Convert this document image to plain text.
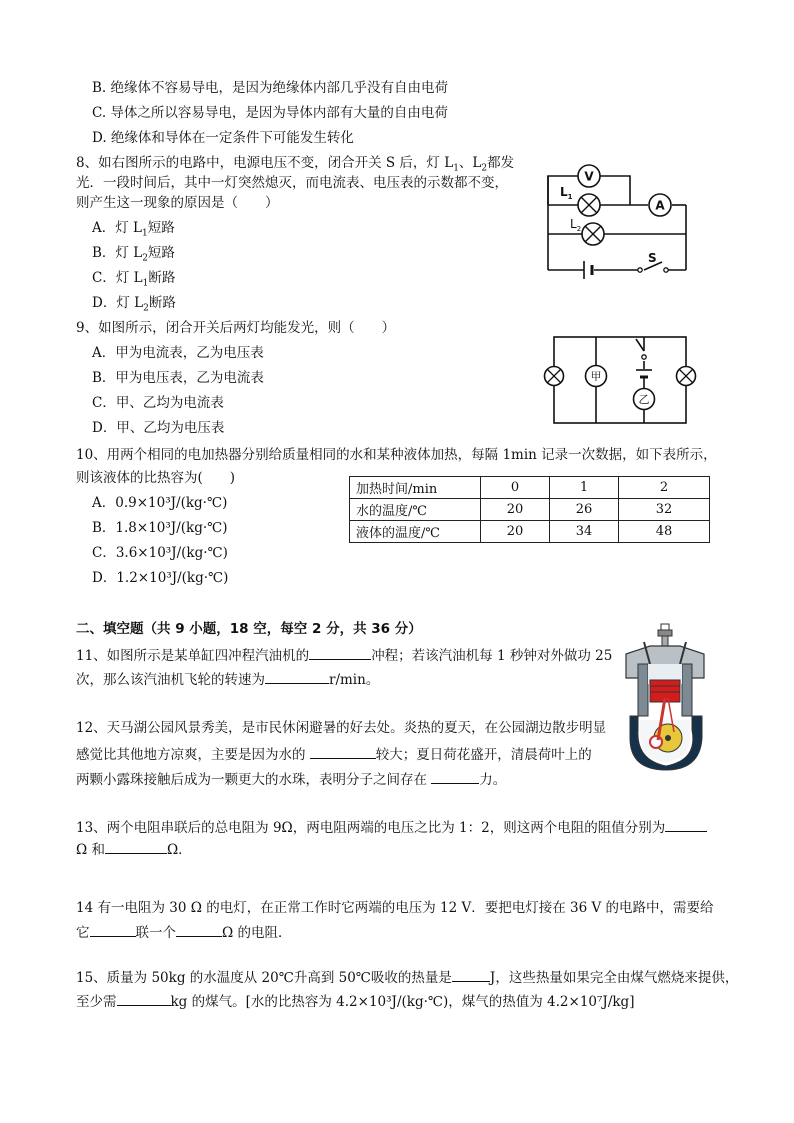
B. 绝缘体不容易导电，是因为绝缘体内部几乎没有自由电荷
C. 导体之所以容易导电，是因为导体内部有大量的自由电荷
D. 绝缘体和导体在一定条件下可能发生转化
8、如右图所示的电路中，电源电压不变，闭合开关 S 后，灯 $L_1$、$L_2$都发
光．一段时间后，其中一灯突然熄灭，而电流表、电压表的示数都不变，
则产生这一现象的原因是（　　）
A．灯 $L_1$短路
B．灯 $L_2$短路
C．灯 $L_1$断路
D．灯 $L_2$断路
V
A
$L_1$
$L_2$
S
9、如图所示，闭合开关后两灯均能发光，则（　　）
A．甲为电流表，乙为电压表
B．甲为电压表，乙为电流表
C．甲、乙均为电流表
D．甲、乙均为电压表
甲
乙
10、用两个相同的电加热器分别给质量相同的水和某种液体加热，每隔 1min 记录一次数据，如下表所示，
则该液体的比热容为(　　)
A．0.9×10³J/(kg·℃)
B．1.8×10³J/(kg·℃)
C．3.6×10³J/(kg·℃)
D．1.2×10³J/(kg·℃)
加热时间/min	0	1	2
水的温度/℃	20	26	32
液体的温度/℃	20	34	48
二、填空题（共 9 小题，18 空，每空 2 分，共 36 分）
11、如图所示是某单缸四冲程汽油机的	冲程；若该汽油机每 1 秒钟对外做功 25
次，那么该汽油机飞轮的转速为	r/min。
12、天马湖公园风景秀美，是市民休闲避暑的好去处。炎热的夏天，在公园湖边散步明显
感觉比其他地方凉爽，主要是因为水的	较大；夏日荷花盛开，清晨荷叶上的
两颗小露珠接触后成为一颗更大的水珠，表明分子之间存在	力。
13、两个电阻串联后的总电阻为 9Ω，两电阻两端的电压之比为 1：2，则这两个电阻的阻值分别为
Ω 和	Ω．
14 有一电阻为 30 Ω 的电灯，在正常工作时它两端的电压为 12 V．要把电灯接在 36 V 的电路中，需要给
它	联一个	Ω 的电阻．
15、质量为 50kg 的水温度从 20℃升高到 50℃吸收的热量是	J，这些热量如果完全由煤气燃烧来提供，
至少需	kg 的煤气。[水的比热容为 4.2×10³J/(kg·℃)，煤气的热值为 4.2×10⁷J/kg]
